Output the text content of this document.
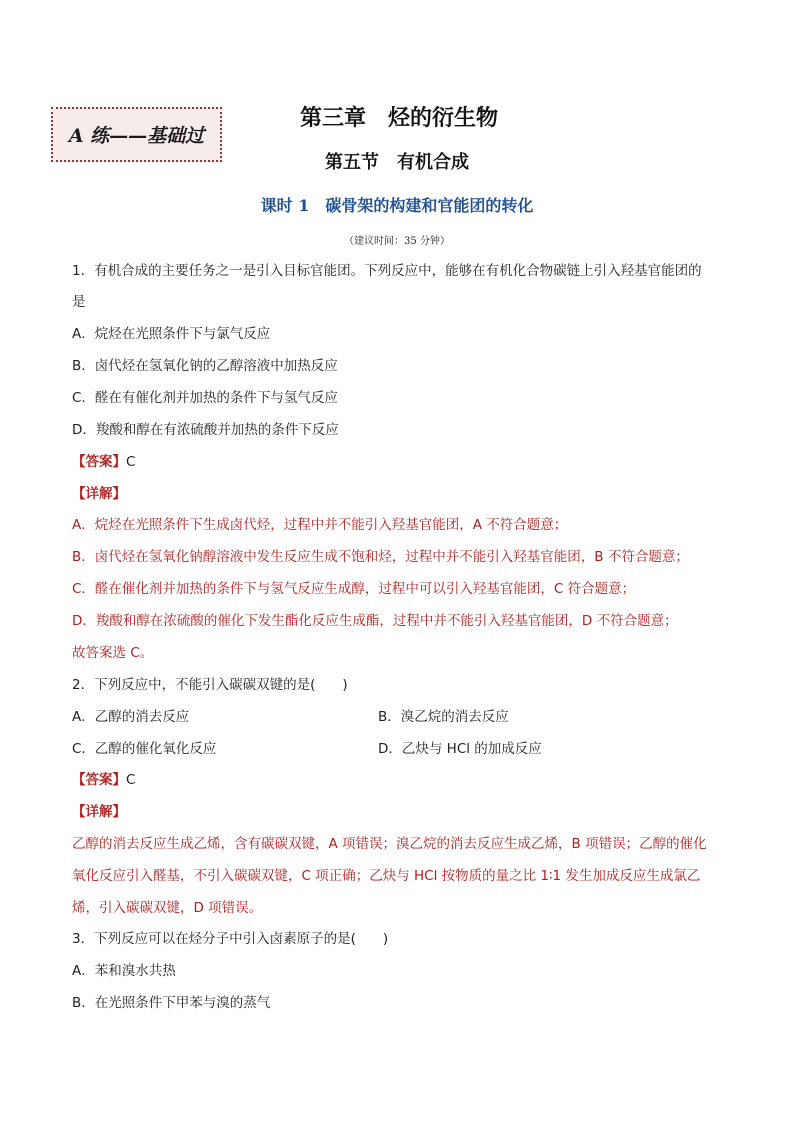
A 练——基础过
第三章　烃的衍生物
第五节　有机合成
课时 1　碳骨架的构建和官能团的转化
（建议时间：35 分钟）
1．有机合成的主要任务之一是引入目标官能团。下列反应中，能够在有机化合物碳链上引入羟基官能团的
是
A．烷烃在光照条件下与氯气反应
B．卤代烃在氢氧化钠的乙醇溶液中加热反应
C．醛在有催化剂并加热的条件下与氢气反应
D．羧酸和醇在有浓硫酸并加热的条件下反应
【答案】C
【详解】
A．烷烃在光照条件下生成卤代烃，过程中并不能引入羟基官能团，A 不符合题意；
B．卤代烃在氢氧化钠醇溶液中发生反应生成不饱和烃，过程中并不能引入羟基官能团，B 不符合题意；
C．醛在催化剂并加热的条件下与氢气反应生成醇，过程中可以引入羟基官能团，C 符合题意；
D．羧酸和醇在浓硫酸的催化下发生酯化反应生成酯，过程中并不能引入羟基官能团，D 不符合题意；
故答案选 C。
2．下列反应中，不能引入碳碳双键的是(　　)
A．乙醇的消去反应	B．溴乙烷的消去反应
C．乙醇的催化氧化反应	D．乙炔与 HCl 的加成反应
【答案】C
【详解】
乙醇的消去反应生成乙烯，含有碳碳双键，A 项错误；溴乙烷的消去反应生成乙烯，B 项错误；乙醇的催化
氧化反应引入醛基，不引入碳碳双键，C 项正确；乙炔与 HCl 按物质的量之比 1∶1 发生加成反应生成氯乙
烯，引入碳碳双键，D 项错误。
3．下列反应可以在烃分子中引入卤素原子的是(　　)
A．苯和溴水共热
B．在光照条件下甲苯与溴的蒸气
